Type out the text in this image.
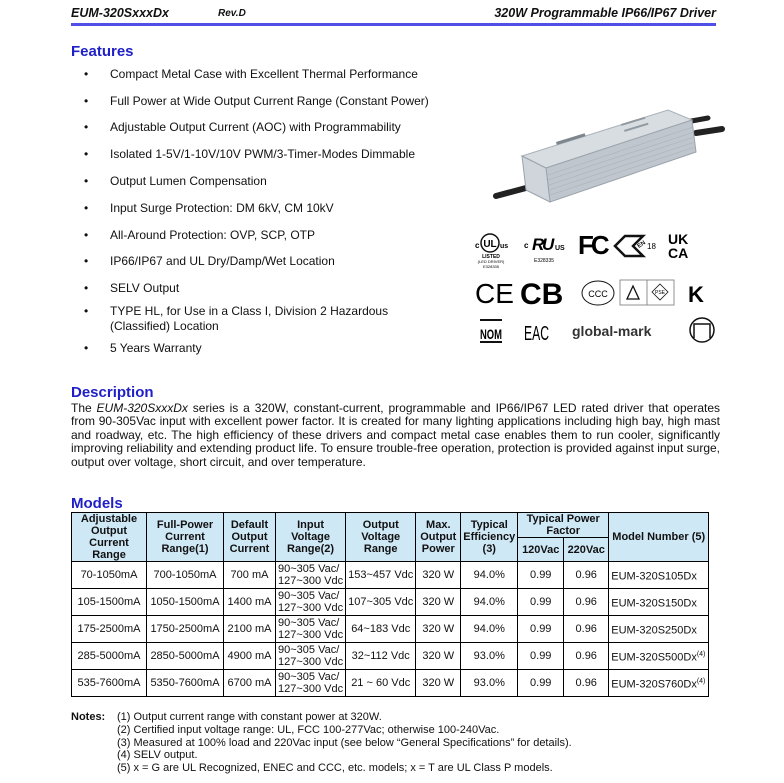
EUM-320SxxxDx	Rev.D	320W Programmable IP66/IP67 Driver
Features
• Compact Metal Case with Excellent Thermal Performance
• Full Power at Wide Output Current Range (Constant Power)
• Adjustable Output Current (AOC) with Programmability
• Isolated 1-5V/1-10V/10V PWM/3-Timer-Modes Dimmable
• Output Lumen Compensation
• Input Surge Protection: DM 6kV, CM 10kV
• All-Around Protection: OVP, SCP, OTP
• IP66/IP67 and UL Dry/Damp/Wet Location
• SELV Output
• TYPE HL, for Use in a Class I, Division 2 Hazardous (Classified) Location
• 5 Years Warranty
c UL us
LISTED
(LED DRIVER)
E328335
c R
U US
E328335
FC	EN 18 UK
CA
CE CB	CCC	PSE K
NOM EAC global-mark
Description

The EUM-320SxxxDx series is a 320W, constant-current, programmable and IP66/IP67 LED rated driver that operates from 90-305Vac input with excellent power factor. It is created for many lighting applications including high bay, high mast and roadway, etc. The high efficiency of these drivers and compact metal case enables them to run cooler, significantly improving reliability and extending product life. To ensure trouble-free operation, protection is provided against input surge, output over voltage, short circuit, and over temperature.

Models
Adjustable Output Current Range	Full-Power Current Range(1)	Default Output Current	Input Voltage Range(2)	Output Voltage Range	Max. Output Power	Typical Efficiency (3)	Typical Power Factor		Model Number (5)
							120Vac	220Vac	
70-1050mA	700-1050mA	700 mA	90~305 Vac/
127~300 Vdc	153~457 Vdc	320 W	94.0%	0.99	0.96	EUM-320S105Dx
105-1500mA	1050-1500mA	1400 mA	90~305 Vac/
127~300 Vdc	107~305 Vdc	320 W	94.0%	0.99	0.96	EUM-320S150Dx
175-2500mA	1750-2500mA	2100 mA	90~305 Vac/
127~300 Vdc	64~183 Vdc	320 W	94.0%	0.99	0.96	EUM-320S250Dx
285-5000mA	2850-5000mA	4900 mA	90~305 Vac/
127~300 Vdc	32~112 Vdc	320 W	93.0%	0.99	0.96	EUM-320S500Dx$^{(4)}$
535-7600mA	5350-7600mA	6700 mA	90~305 Vac/
127~300 Vdc	21 ~ 60 Vdc	320 W	93.0%	0.99	0.96	EUM-320S760Dx$^{(4)}$
Notes: (1) Output current range with constant power at 320W.
(2) Certified input voltage range: UL, FCC 100-277Vac; otherwise 100-240Vac.
(3) Measured at 100% load and 220Vac input (see below “General Specifications” for details).
(4) SELV output.
(5) x = G are UL Recognized, ENEC and CCC, etc. models; x = T are UL Class P models.
